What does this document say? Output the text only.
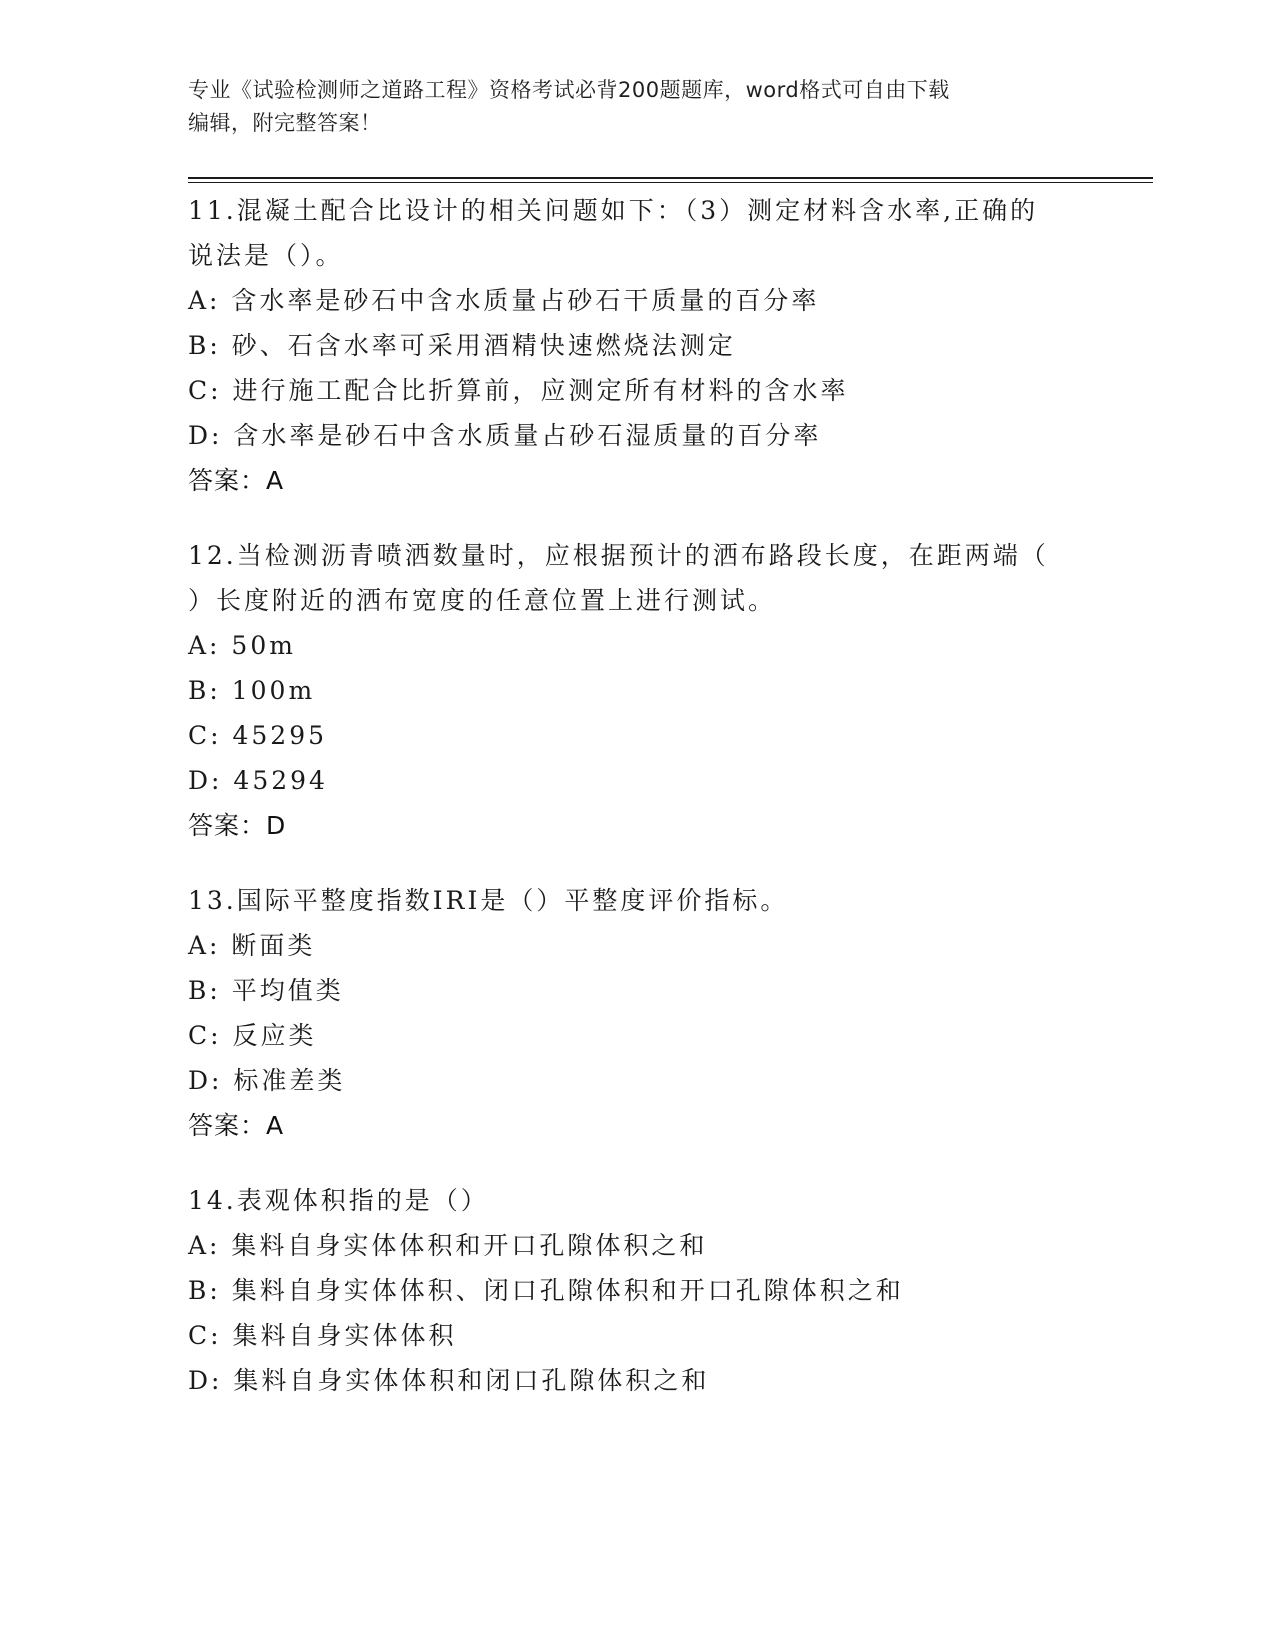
专业《试验检测师之道路工程》资格考试必背200题题库，word格式可自由下载
编辑，附完整答案！
11.混凝土配合比设计的相关问题如下：（3）测定材料含水率,正确的
说法是（）。
A: 含水率是砂石中含水质量占砂石干质量的百分率
B: 砂、石含水率可采用酒精快速燃烧法测定
C: 进行施工配合比折算前，应测定所有材料的含水率
D: 含水率是砂石中含水质量占砂石湿质量的百分率
答案：A
12.当检测沥青喷洒数量时，应根据预计的洒布路段长度，在距两端（
）长度附近的洒布宽度的任意位置上进行测试。
A: 50m
B: 100m
C: 45295
D: 45294
答案：D
13.国际平整度指数IRI是（）平整度评价指标。
A: 断面类
B: 平均值类
C: 反应类
D: 标准差类
答案：A
14.表观体积指的是（）
A: 集料自身实体体积和开口孔隙体积之和
B: 集料自身实体体积、闭口孔隙体积和开口孔隙体积之和
C: 集料自身实体体积
D: 集料自身实体体积和闭口孔隙体积之和
